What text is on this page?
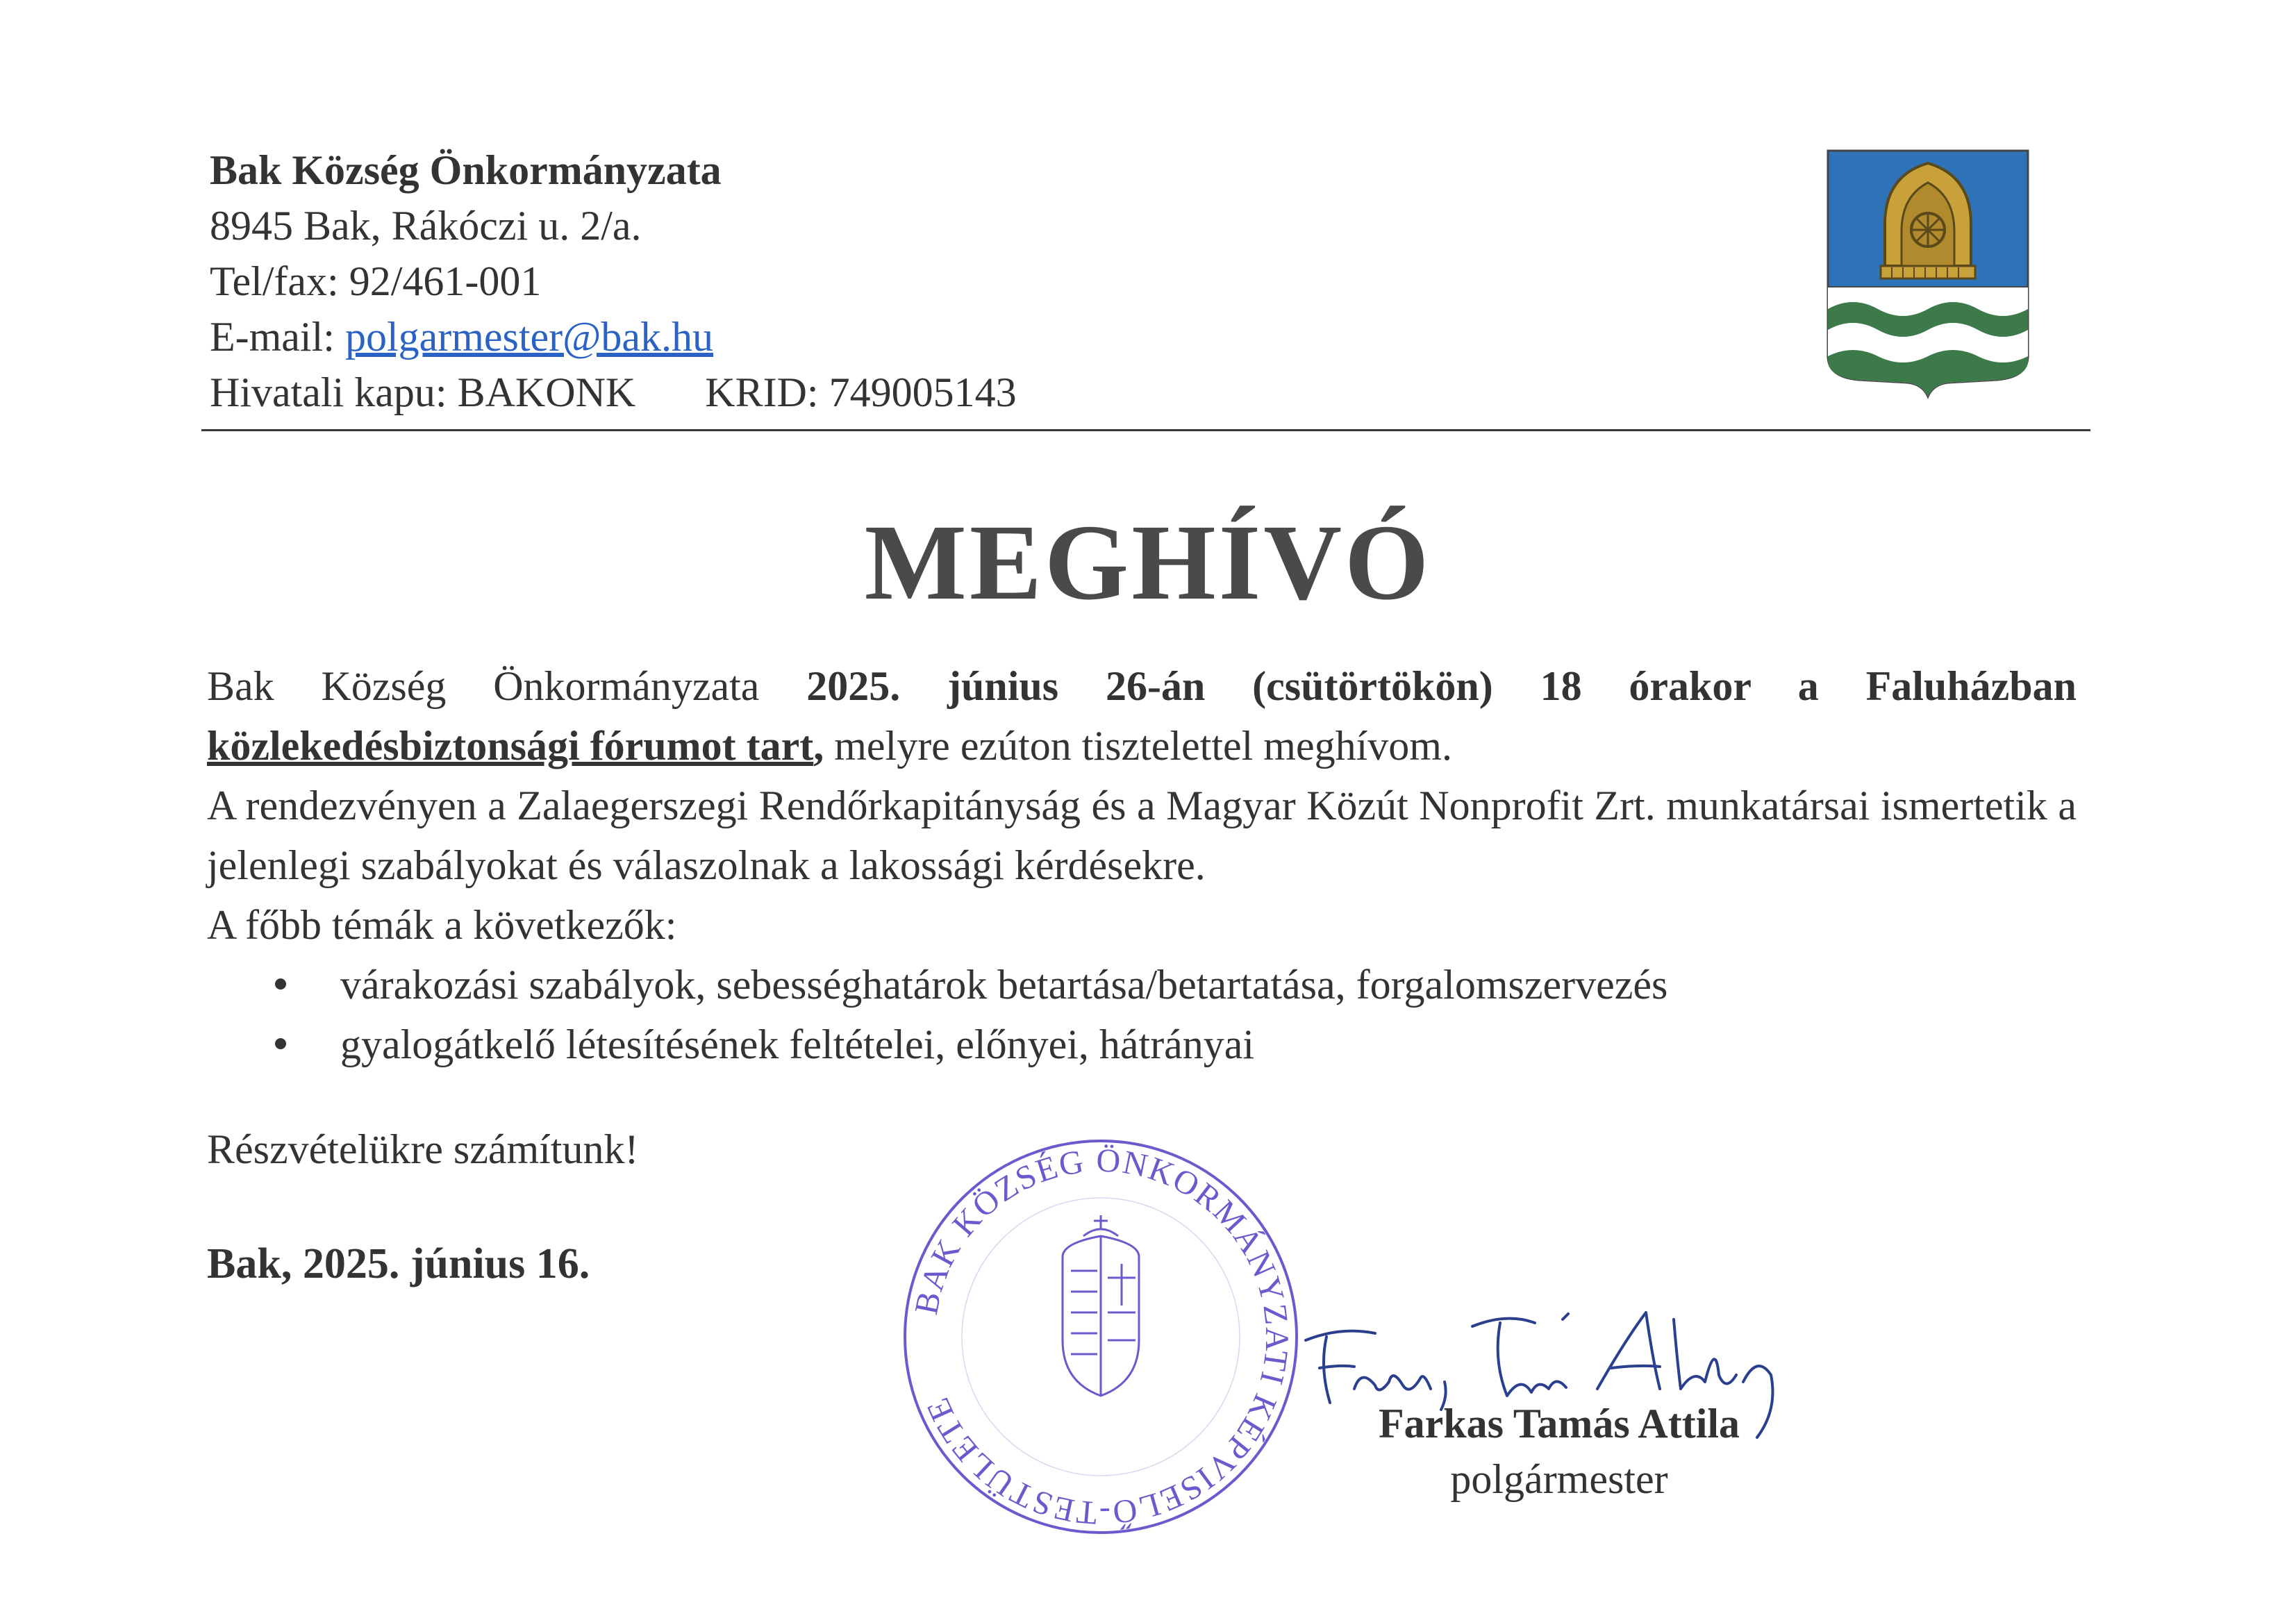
Bak Község Önkormányzata
8945 Bak, Rákóczi u. 2/a.
Tel/fax: 92/461-001
E-mail: polgarmester@bak.hu
Hivatali kapu: BAKONK KRID: 749005143
MEGHÍVÓ

Bak Község Önkormányzata 2025. június 26-án (csütörtökön) 18 órakor a Faluházban közlekedésbiztonsági fórumot tart, melyre ezúton tisztelettel meghívom.

A rendezvényen a Zalaegerszegi Rendőrkapitányság és a Magyar Közút Nonprofit Zrt. munkatársai ismertetik a jelenlegi szabályokat és válaszolnak a lakossági kérdésekre.

A főbb témák a következők:

várakozási szabályok, sebességhatárok betartása/betartatása, forgalomszervezés
gyalogátkelő létesítésének feltételei, előnyei, hátrányai
Részvételükre számítunk!
Bak, 2025. június 16.
BAK KÖZSÉG ÖNKORMÁNYZATI KÉPVISELŐ-TESTÜLETE	Farkas Tamás Attila
polgármester
